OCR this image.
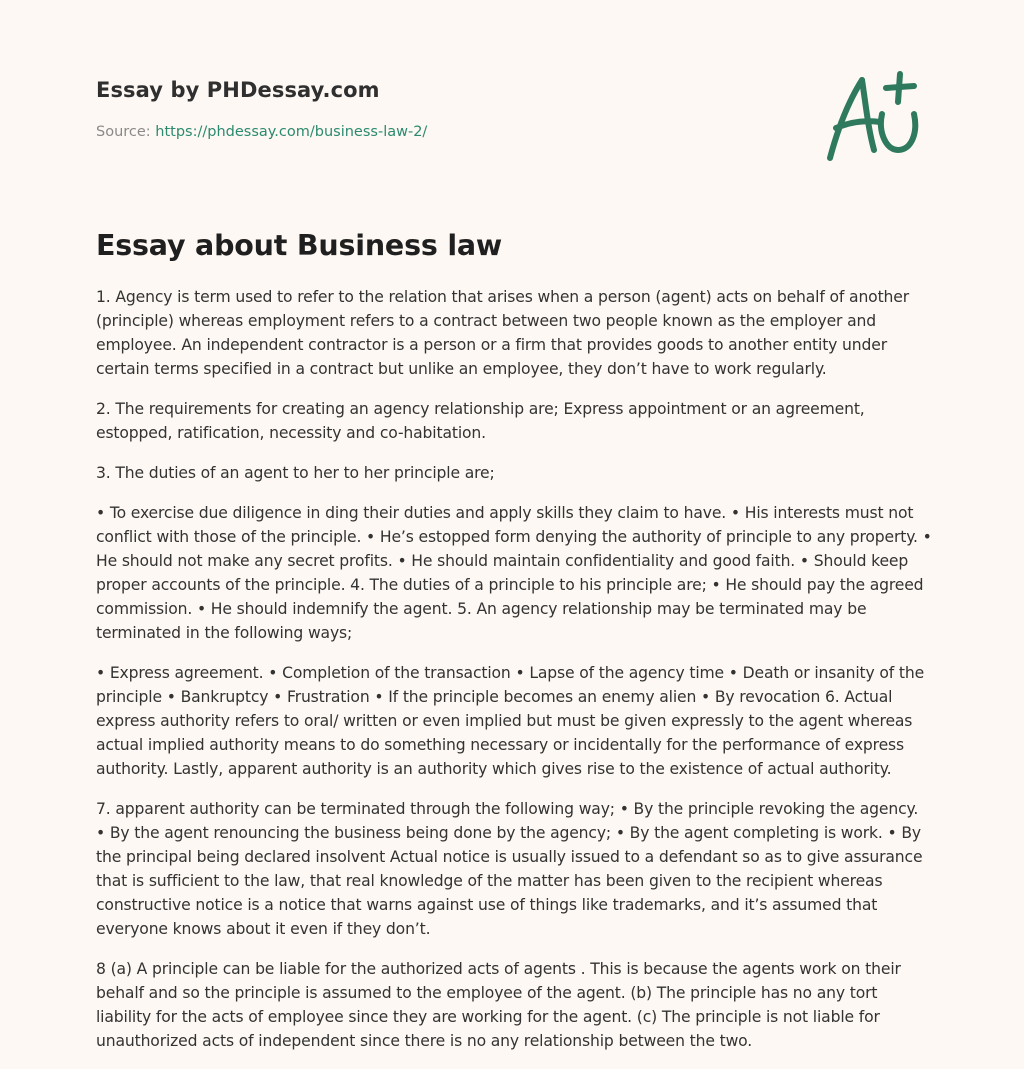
Essay by PHDessay.com
Source: https://phdessay.com/business-law-2/
Essay about Business law

1. Agency is term used to refer to the relation that arises when a person (agent) acts on behalf of another (principle) whereas employment refers to a contract between two people known as the employer and employee. An independent contractor is a person or a firm that provides goods to another entity under certain terms specified in a contract but unlike an employee, they don’t have to work regularly.

2. The requirements for creating an agency relationship are; Express appointment or an agreement, estopped, ratification, necessity and co-habitation.

3. The duties of an agent to her to her principle are;

• To exercise due diligence in ding their duties and apply skills they claim to have. • His interests must not conflict with those of the principle. • He’s estopped form denying the authority of principle to any property. • He should not make any secret profits. • He should maintain confidentiality and good faith. • Should keep proper accounts of the principle. 4. The duties of a principle to his principle are; • He should pay the agreed commission. • He should indemnify the agent. 5. An agency relationship may be terminated may be terminated in the following ways;

• Express agreement. • Completion of the transaction • Lapse of the agency time • Death or insanity of the principle • Bankruptcy • Frustration • If the principle becomes an enemy alien • By revocation 6. Actual express authority refers to oral/ written or even implied but must be given expressly to the agent whereas actual implied authority means to do something necessary or incidentally for the performance of express authority. Lastly, apparent authority is an authority which gives rise to the existence of actual authority.

7. apparent authority can be terminated through the following way; • By the principle revoking the agency. • By the agent renouncing the business being done by the agency; • By the agent completing is work. • By the principal being declared insolvent Actual notice is usually issued to a defendant so as to give assurance that is sufficient to the law, that real knowledge of the matter has been given to the recipient whereas constructive notice is a notice that warns against use of things like trademarks, and it’s assumed that everyone knows about it even if they don’t.

8 (a) A principle can be liable for the authorized acts of agents . This is because the agents work on their behalf and so the principle is assumed to the employee of the agent. (b) The principle has no any tort liability for the acts of employee since they are working for the agent. (c) The principle is not liable for unauthorized acts of independent since there is no any relationship between the two.
